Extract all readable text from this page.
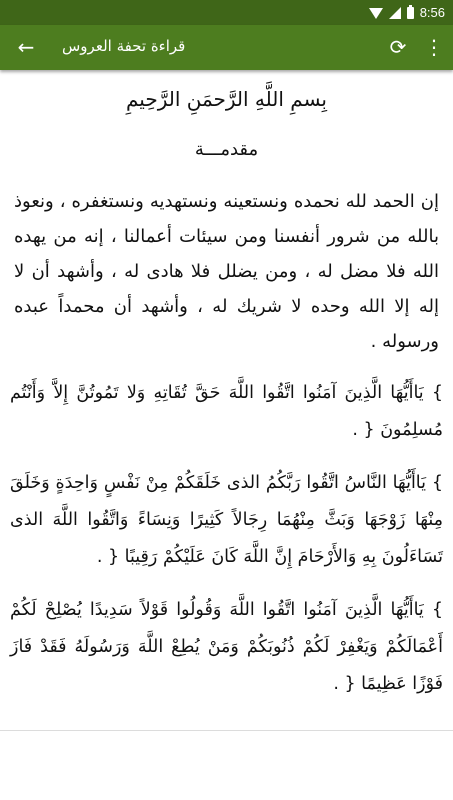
8:56
←	قراءة تحفة العروس	⟳ ⋮
بِسمِ اللَّهِ الرَّحمَنِ الرَّحِيمِ
مقدمـــة
إن الحمد لله نحمده ونستعينه ونستهديه ونستغفره ، ونعوذ بالله من شرور أنفسنا ومن سيئات أعمالنا ، إنه من يهده الله فلا مضل له ، ومن يضلل فلا هادى له ، وأشهد أن لا إله إلا الله وحده لا شريك له ، وأشهد أن محمداً عبده ورسوله .
} يَاأَيُّهَا الَّذِينَ آمَنُوا اتَّقُوا اللَّهَ حَقَّ تُقَاتِهِ وَلا تَمُوتُنَّ إِلاَّ وَأَنْتُم مُسلِمُونَ { .
} يَاأَيُّهَا النَّاسُ اتَّقُوا رَبَّكُمُ الذى خَلَقَكُمْ مِنْ نَفْسٍ وَاحِدَةٍ وَخَلَقَ مِنْهَا زَوْجَهَا وَبَثَّ مِنْهُمَا رِجَالاً كَثِيرًا وَنِسَاءً وَاتَّقُوا اللَّهَ الذى تَسَاءَلُونَ بِهِ وَالأَرْحَامَ إِنَّ اللَّهَ كَانَ عَلَيْكُمْ رَقِيبًا { .
} يَاأَيُّهَا الَّذِينَ آمَنُوا اتَّقُوا اللَّهَ وَقُولُوا قَوْلاً سَدِيدًا يُصْلِحْ لَكُمْ أَعْمَالَكُمْ وَيَغْفِرْ لَكُمْ ذُنُوبَكُمْ وَمَنْ يُطِعْ اللَّهَ وَرَسُولَهُ فَقَدْ فَازَ فَوْزًا عَظِيمًا { .
